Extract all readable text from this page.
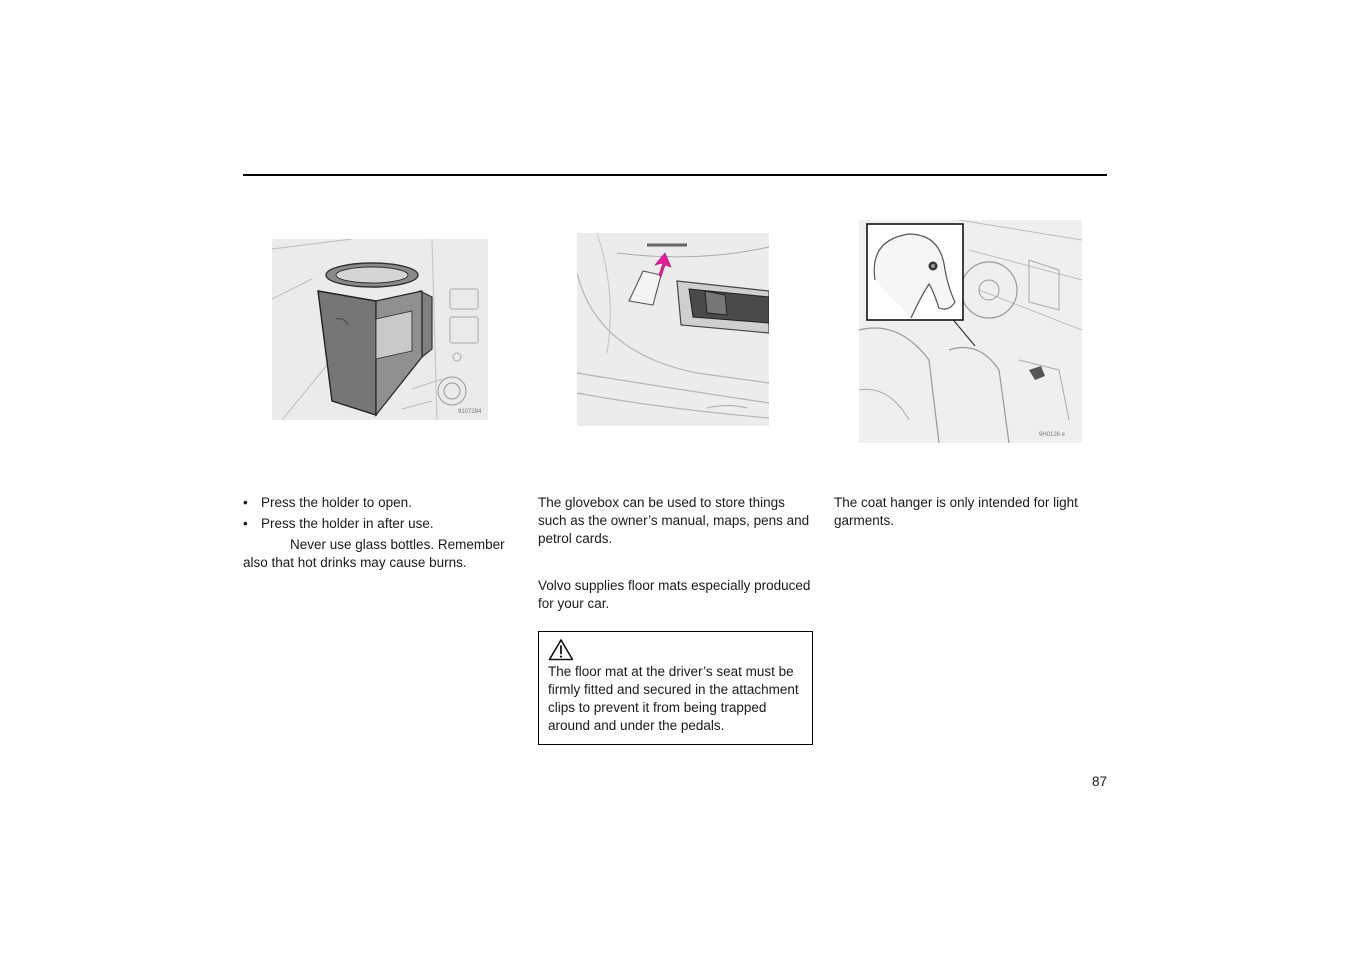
9107284
9H0126 e
• Press the holder to open.
• Press the holder in after use.

Never use glass bottles. Remember also that hot drinks may cause burns.

The glovebox can be used to store things such as the owner’s manual, maps, pens and petrol cards.

Volvo supplies floor mats especially produced for your car.

The floor mat at the driver’s seat must be firmly fitted and secured in the attachment clips to prevent it from being trapped around and under the pedals.

The coat hanger is only intended for light garments.

87
